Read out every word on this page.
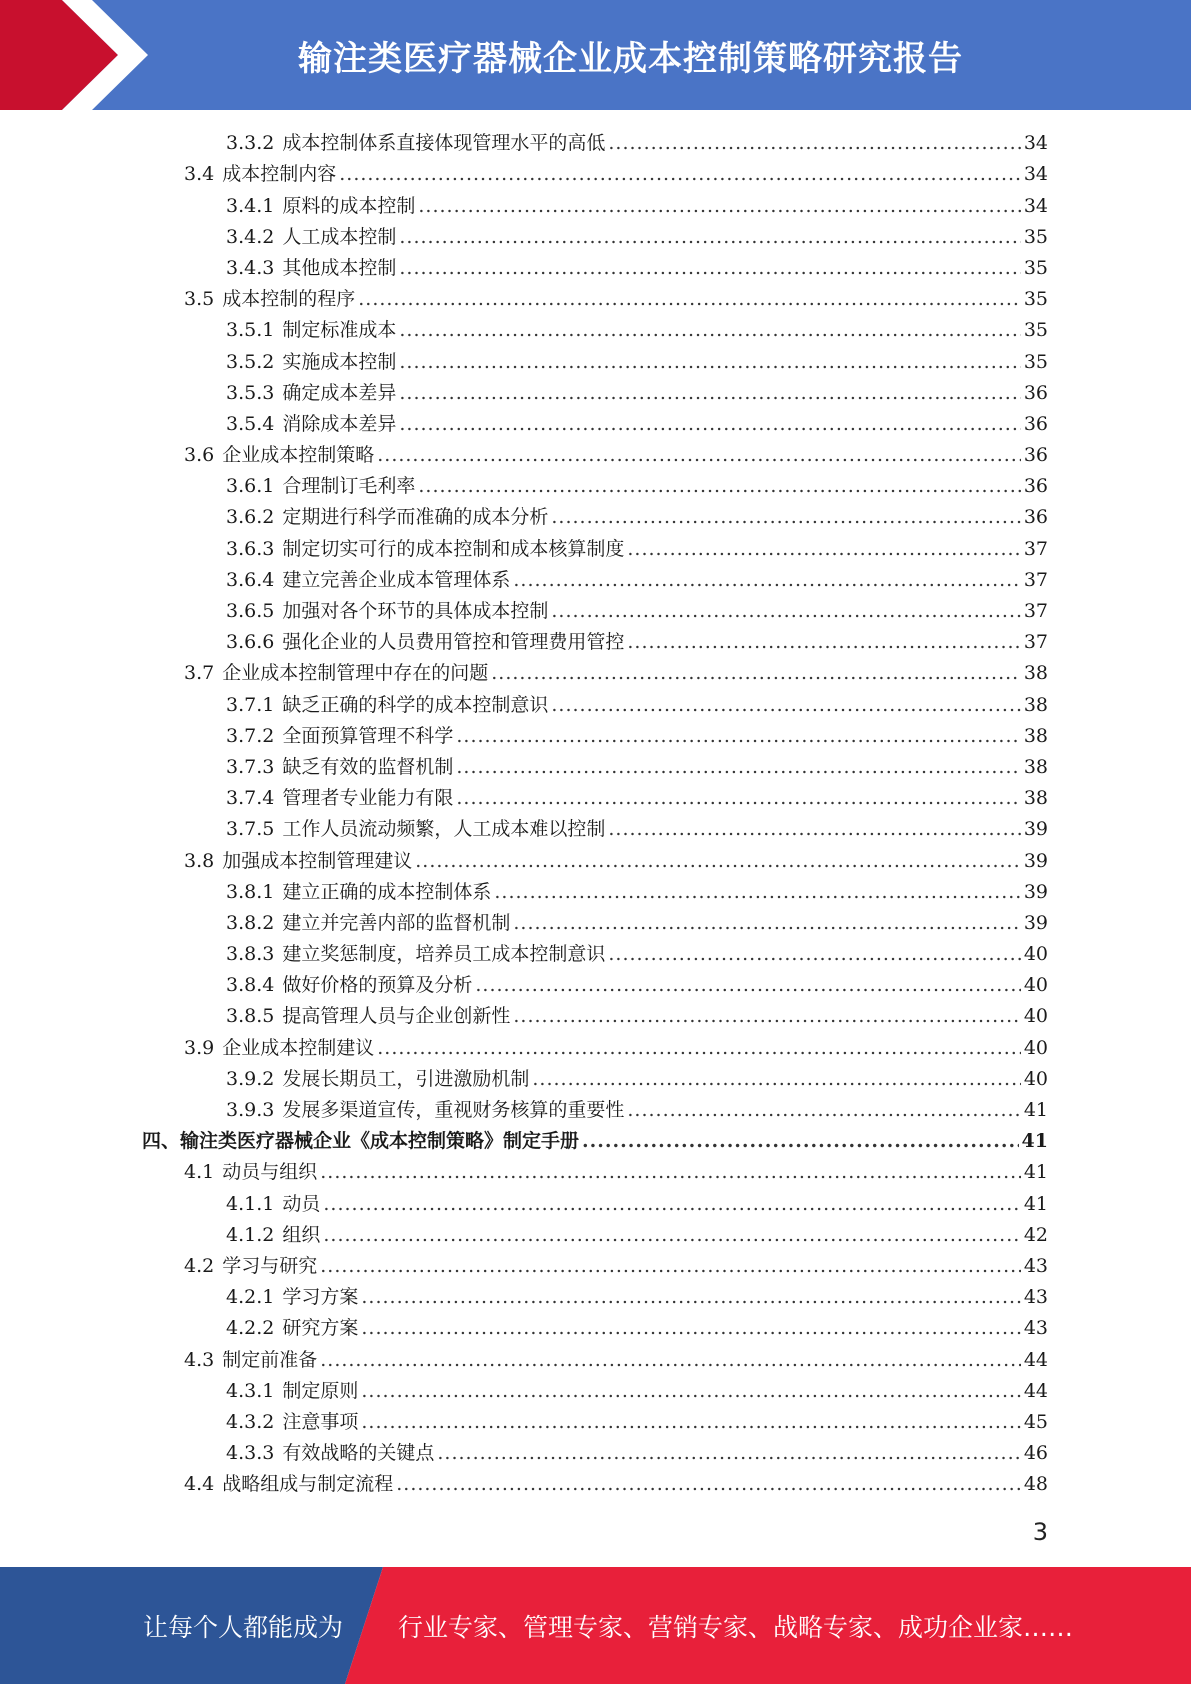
输注类医疗器械企业成本控制策略研究报告
3.3.2 成本控制体系直接体现管理水平的高低 .....	34
3.4 成本控制内容 .....	34
3.4.1 原料的成本控制 .....	34
3.4.2 人工成本控制 .....	35
3.4.3 其他成本控制 .....	35
3.5 成本控制的程序 .....	35
3.5.1 制定标准成本 .....	35
3.5.2 实施成本控制 .....	35
3.5.3 确定成本差异 .....	36
3.5.4 消除成本差异 .....	36
3.6 企业成本控制策略 .....	36
3.6.1 合理制订毛利率 .....	36
3.6.2 定期进行科学而准确的成本分析 .....	36
3.6.3 制定切实可行的成本控制和成本核算制度 .....	37
3.6.4 建立完善企业成本管理体系 .....	37
3.6.5 加强对各个环节的具体成本控制 .....	37
3.6.6 强化企业的人员费用管控和管理费用管控 .....	37
3.7 企业成本控制管理中存在的问题 .....	38
3.7.1 缺乏正确的科学的成本控制意识 .....	38
3.7.2 全面预算管理不科学 .....	38
3.7.3 缺乏有效的监督机制 .....	38
3.7.4 管理者专业能力有限 .....	38
3.7.5 工作人员流动频繁，人工成本难以控制 .....	39
3.8 加强成本控制管理建议 .....	39
3.8.1 建立正确的成本控制体系 .....	39
3.8.2 建立并完善内部的监督机制 .....	39
3.8.3 建立奖惩制度，培养员工成本控制意识 .....	40
3.8.4 做好价格的预算及分析 .....	40
3.8.5 提高管理人员与企业创新性 .....	40
3.9 企业成本控制建议 .....	40
3.9.2 发展长期员工，引进激励机制 .....	40
3.9.3 发展多渠道宣传，重视财务核算的重要性 .....	41
四、输注类医疗器械企业《成本控制策略》制定手册 .....	41
4.1 动员与组织 .....	41
4.1.1 动员 .....	41
4.1.2 组织 .....	42
4.2 学习与研究 .....	43
4.2.1 学习方案 .....	43
4.2.2 研究方案 .....	43
4.3 制定前准备 .....	44
4.3.1 制定原则 .....	44
4.3.2 注意事项 .....	45
4.3.3 有效战略的关键点 .....	46
4.4 战略组成与制定流程 .....	48
3
让每个人都能成为 行业专家、管理专家、营销专家、战略专家、成功企业家……
